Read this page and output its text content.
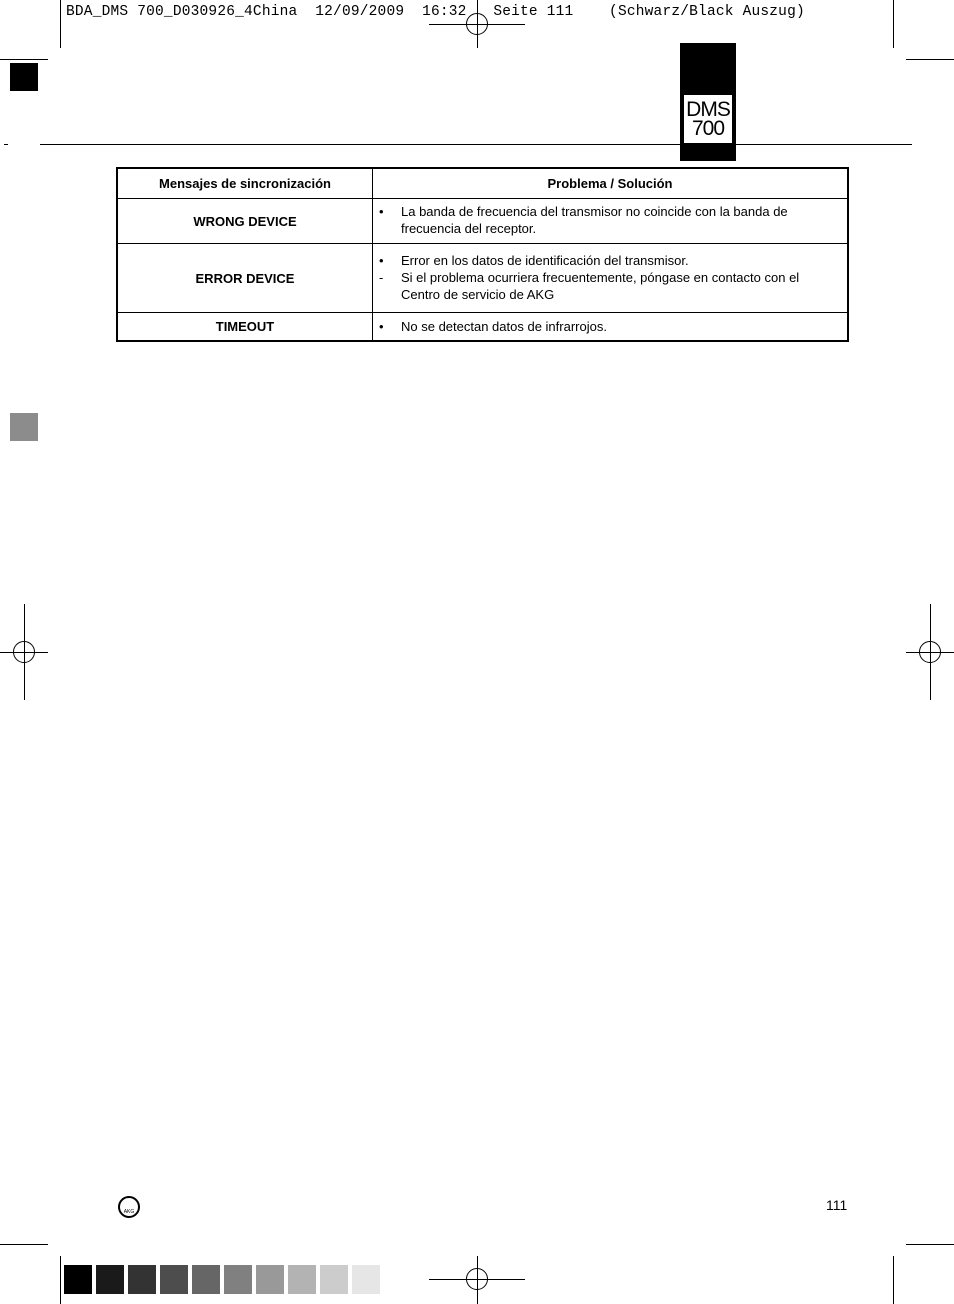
BDA_DMS 700_D030926_4China 12/09/2009 16:32 Seite 111 (Schwarz/Black Auszug)
DMS
700
Mensajes de sincronización	Problema / Solución
WRONG DEVICE	• La banda de frecuencia del transmisor no coincide con la banda de frecuencia del receptor.

ERROR DEVICE	• Error en los datos de identificación del transmisor.
- Si el problema ocurriera frecuentemente, póngase en contacto con el Centro de servicio de AKG

TIMEOUT	• No se detectan datos de infrarrojos.
AKG	111
